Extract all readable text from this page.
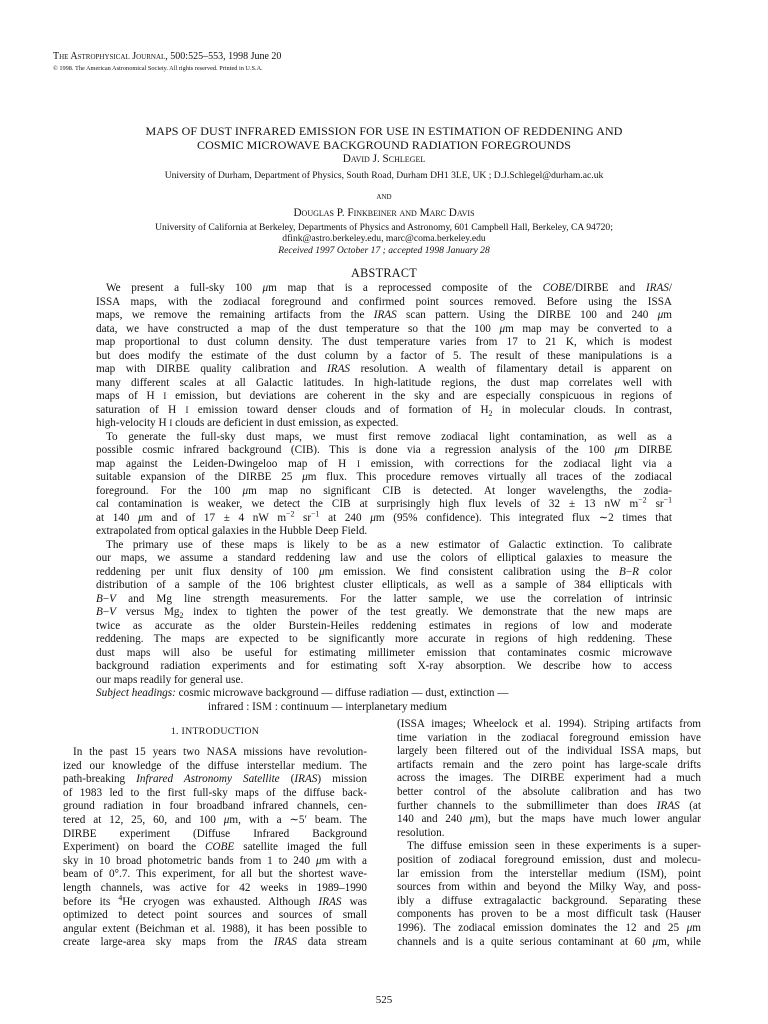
The Astrophysical Journal, 500:525–553, 1998 June 20
© 1998. The American Astronomical Society. All rights reserved. Printed in U.S.A.
MAPS OF DUST INFRARED EMISSION FOR USE IN ESTIMATION OF REDDENING AND
COSMIC MICROWAVE BACKGROUND RADIATION FOREGROUNDS
David J. Schlegel
University of Durham, Department of Physics, South Road, Durham DH1 3LE, UK ; D.J.Schlegel@durham.ac.uk
and
Douglas P. Finkbeiner and Marc Davis
University of California at Berkeley, Departments of Physics and Astronomy, 601 Campbell Hall, Berkeley, CA 94720;
dfink@astro.berkeley.edu, marc@coma.berkeley.edu
Received 1997 October 17 ; accepted 1998 January 28
ABSTRACT
We present a full-sky 100 μm map that is a reprocessed composite of the COBE/DIRBE and IRAS/
ISSA maps, with the zodiacal foreground and confirmed point sources removed. Before using the ISSA
maps, we remove the remaining artifacts from the IRAS scan pattern. Using the DIRBE 100 and 240 μm
data, we have constructed a map of the dust temperature so that the 100 μm map may be converted to a
map proportional to dust column density. The dust temperature varies from 17 to 21 K, which is modest
but does modify the estimate of the dust column by a factor of 5. The result of these manipulations is a
map with DIRBE quality calibration and IRAS resolution. A wealth of filamentary detail is apparent on
many different scales at all Galactic latitudes. In high-latitude regions, the dust map correlates well with
maps of H I emission, but deviations are coherent in the sky and are especially conspicuous in regions of
saturation of H I emission toward denser clouds and of formation of $H_2$ in molecular clouds. In contrast,
high-velocity H I clouds are deficient in dust emission, as expected.
To generate the full-sky dust maps, we must first remove zodiacal light contamination, as well as a
possible cosmic infrared background (CIB). This is done via a regression analysis of the 100 μm DIRBE
map against the Leiden-Dwingeloo map of H I emission, with corrections for the zodiacal light via a
suitable expansion of the DIRBE 25 μm flux. This procedure removes virtually all traces of the zodiacal
foreground. For the 100 μm map no significant CIB is detected. At longer wavelengths, the zodia-
cal contamination is weaker, we detect the CIB at surprisingly high flux levels of 32 ± 13 nW $m^{-2}$ $sr^{-1}$
at 140 μm and of 17 ± 4 nW $m^{-2}$ $sr^{-1}$ at 240 μm (95% confidence). This integrated flux ∼2 times that
extrapolated from optical galaxies in the Hubble Deep Field.
The primary use of these maps is likely to be as a new estimator of Galactic extinction. To calibrate
our maps, we assume a standard reddening law and use the colors of elliptical galaxies to measure the
reddening per unit flux density of 100 μm emission. We find consistent calibration using the B−R color
distribution of a sample of the 106 brightest cluster ellipticals, as well as a sample of 384 ellipticals with
B−V and Mg line strength measurements. For the latter sample, we use the correlation of intrinsic
B−V versus $Mg_2$ index to tighten the power of the test greatly. We demonstrate that the new maps are
twice as accurate as the older Burstein-Heiles reddening estimates in regions of low and moderate
reddening. The maps are expected to be significantly more accurate in regions of high reddening. These
dust maps will also be useful for estimating millimeter emission that contaminates cosmic microwave
background radiation experiments and for estimating soft X-ray absorption. We describe how to access
our maps readily for general use.
Subject headings: cosmic microwave background — diffuse radiation — dust, extinction —
infrared : ISM : continuum — interplanetary medium
1. INTRODUCTION
In the past 15 years two NASA missions have revolution-
ized our knowledge of the diffuse interstellar medium. The
path-breaking Infrared Astronomy Satellite (IRAS) mission
of 1983 led to the first full-sky maps of the diffuse back-
ground radiation in four broadband infrared channels, cen-
tered at 12, 25, 60, and 100 μm, with a ∼5′ beam. The
DIRBE experiment (Diffuse Infrared Background
Experiment) on board the COBE satellite imaged the full
sky in 10 broad photometric bands from 1 to 240 μm with a
beam of 0°.7. This experiment, for all but the shortest wave-
length channels, was active for 42 weeks in 1989–1990
before its $^4$He cryogen was exhausted. Although IRAS was
optimized to detect point sources and sources of small
angular extent (Beichman et al. 1988), it has been possible to
create large-area sky maps from the IRAS data stream
(ISSA images; Wheelock et al. 1994). Striping artifacts from
time variation in the zodiacal foreground emission have
largely been filtered out of the individual ISSA maps, but
artifacts remain and the zero point has large-scale drifts
across the images. The DIRBE experiment had a much
better control of the absolute calibration and has two
further channels to the submillimeter than does IRAS (at
140 and 240 μm), but the maps have much lower angular
resolution.
The diffuse emission seen in these experiments is a super-
position of zodiacal foreground emission, dust and molecu-
lar emission from the interstellar medium (ISM), point
sources from within and beyond the Milky Way, and poss-
ibly a diffuse extragalactic background. Separating these
components has proven to be a most difficult task (Hauser
1996). The zodiacal emission dominates the 12 and 25 μm
channels and is a quite serious contaminant at 60 μm, while
525
